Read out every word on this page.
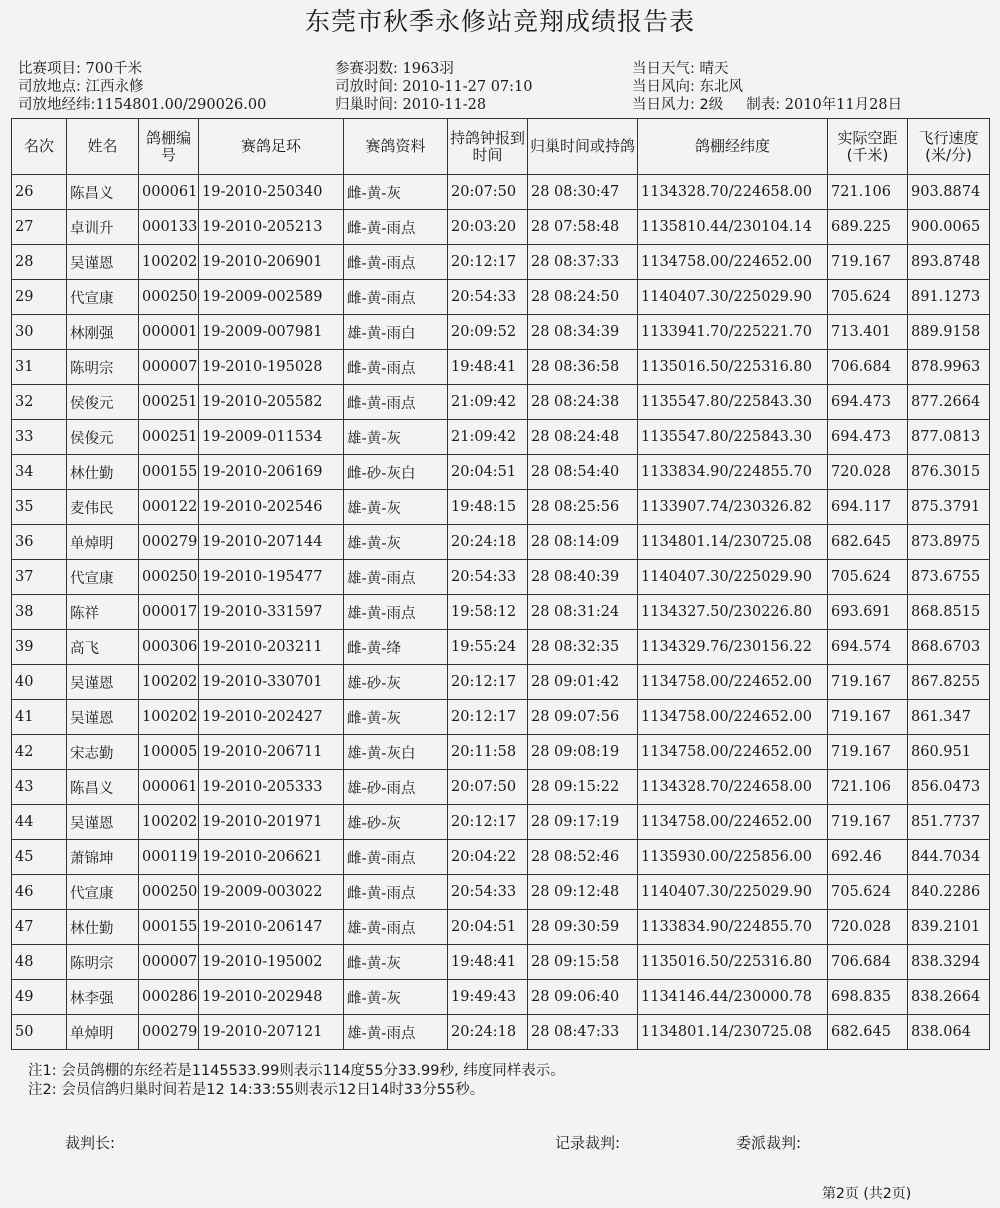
东莞市秋季永修站竞翔成绩报告表
比赛项目: 700千米
司放地点: 江西永修
司放地经纬:1154801.00/290026.00
参赛羽数: 1963羽
司放时间: 2010-11-27 07:10
归巢时间: 2010-11-28
当日天气: 晴天
当日风向: 东北风
当日风力: 2级 制表: 2010年11月28日
名次	姓名	鸽棚编号	赛鸽足环	赛鸽资料	持鸽钟报到时间	归巢时间或持鸽	鸽棚经纬度	实际空距(千米)	飞行速度(米/分)
26	陈昌义	000061	19-2010-250340	雌-黄-灰	20:07:50	28 08:30:47	1134328.70/224658.00	721.106	903.8874
27	卓训升	000133	19-2010-205213	雌-黄-雨点	20:03:20	28 07:58:48	1135810.44/230104.14	689.225	900.0065
28	吴谨恩	100202	19-2010-206901	雌-黄-雨点	20:12:17	28 08:37:33	1134758.00/224652.00	719.167	893.8748
29	代宣康	000250	19-2009-002589	雌-黄-雨点	20:54:33	28 08:24:50	1140407.30/225029.90	705.624	891.1273
30	林刚强	000001	19-2009-007981	雄-黄-雨白	20:09:52	28 08:34:39	1133941.70/225221.70	713.401	889.9158
31	陈明宗	000007	19-2010-195028	雌-黄-雨点	19:48:41	28 08:36:58	1135016.50/225316.80	706.684	878.9963
32	侯俊元	000251	19-2010-205582	雌-黄-雨点	21:09:42	28 08:24:38	1135547.80/225843.30	694.473	877.2664
33	侯俊元	000251	19-2009-011534	雄-黄-灰	21:09:42	28 08:24:48	1135547.80/225843.30	694.473	877.0813
34	林仕勤	000155	19-2010-206169	雌-砂-灰白	20:04:51	28 08:54:40	1133834.90/224855.70	720.028	876.3015
35	麦伟民	000122	19-2010-202546	雄-黄-灰	19:48:15	28 08:25:56	1133907.74/230326.82	694.117	875.3791
36	单焯明	000279	19-2010-207144	雄-黄-灰	20:24:18	28 08:14:09	1134801.14/230725.08	682.645	873.8975
37	代宣康	000250	19-2010-195477	雄-黄-雨点	20:54:33	28 08:40:39	1140407.30/225029.90	705.624	873.6755
38	陈祥	000017	19-2010-331597	雄-黄-雨点	19:58:12	28 08:31:24	1134327.50/230226.80	693.691	868.8515
39	高飞	000306	19-2010-203211	雌-黄-绛	19:55:24	28 08:32:35	1134329.76/230156.22	694.574	868.6703
40	吴谨恩	100202	19-2010-330701	雄-砂-灰	20:12:17	28 09:01:42	1134758.00/224652.00	719.167	867.8255
41	吴谨恩	100202	19-2010-202427	雌-黄-灰	20:12:17	28 09:07:56	1134758.00/224652.00	719.167	861.347
42	宋志勤	100005	19-2010-206711	雄-黄-灰白	20:11:58	28 09:08:19	1134758.00/224652.00	719.167	860.951
43	陈昌义	000061	19-2010-205333	雄-砂-雨点	20:07:50	28 09:15:22	1134328.70/224658.00	721.106	856.0473
44	吴谨恩	100202	19-2010-201971	雄-砂-灰	20:12:17	28 09:17:19	1134758.00/224652.00	719.167	851.7737
45	萧锦坤	000119	19-2010-206621	雌-黄-雨点	20:04:22	28 08:52:46	1135930.00/225856.00	692.46	844.7034
46	代宣康	000250	19-2009-003022	雌-黄-雨点	20:54:33	28 09:12:48	1140407.30/225029.90	705.624	840.2286
47	林仕勤	000155	19-2010-206147	雄-黄-雨点	20:04:51	28 09:30:59	1133834.90/224855.70	720.028	839.2101
48	陈明宗	000007	19-2010-195002	雌-黄-灰	19:48:41	28 09:15:58	1135016.50/225316.80	706.684	838.3294
49	林李强	000286	19-2010-202948	雌-黄-灰	19:49:43	28 09:06:40	1134146.44/230000.78	698.835	838.2664
50	单焯明	000279	19-2010-207121	雄-黄-雨点	20:24:18	28 08:47:33	1134801.14/230725.08	682.645	838.064
注1: 会员鸽棚的东经若是1145533.99则表示114度55分33.99秒, 纬度同样表示。
注2: 会员信鸽归巢时间若是12 14:33:55则表示12日14时33分55秒。
裁判长:	记录裁判:	委派裁判:
第2页 (共2页)
